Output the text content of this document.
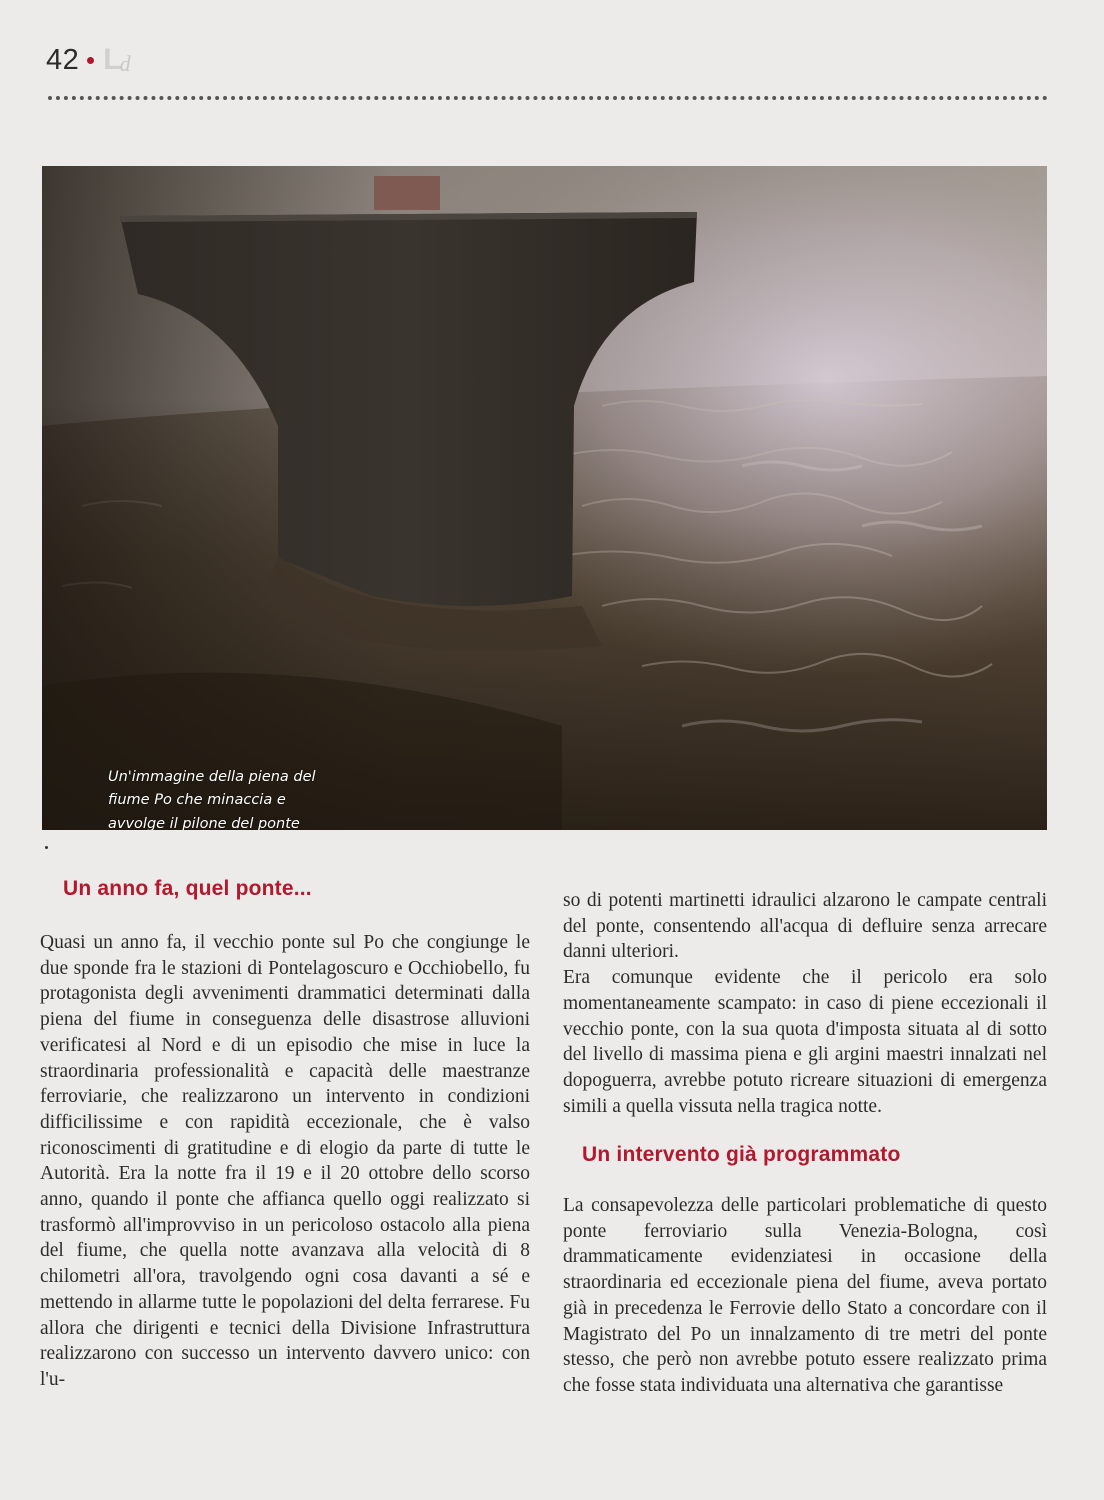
42 L
d
Un'immagine della piena del fiume Po che minaccia e avvolge il pilone del ponte
Un anno fa, quel ponte...

Quasi un anno fa, il vecchio ponte sul Po che congiunge le due sponde fra le stazioni di Pontelagoscuro e Occhiobello, fu protagonista degli avvenimenti drammatici determinati dalla piena del fiume in conseguenza delle disastrose alluvioni verificatesi al Nord e di un episodio che mise in luce la straordinaria professionalità e capacità delle maestranze ferroviarie, che realizzarono un intervento in condizioni difficilissime e con rapidità eccezionale, che è valso riconoscimenti di gratitudine e di elogio da parte di tutte le Autorità. Era la notte fra il 19 e il 20 ottobre dello scorso anno, quando il ponte che affianca quello oggi realizzato si trasformò all'improvviso in un pericoloso ostacolo alla piena del fiume, che quella notte avanzava alla velocità di 8 chilometri all'ora, travolgendo ogni cosa davanti a sé e mettendo in allarme tutte le popolazioni del delta ferrarese. Fu allora che dirigenti e tecnici della Divisione Infrastruttura realizzarono con successo un intervento davvero unico: con l'u-

so di potenti martinetti idraulici alzarono le campate centrali del ponte, consentendo all'acqua di defluire senza arrecare danni ulteriori.

Era comunque evidente che il pericolo era solo momentaneamente scampato: in caso di piene eccezionali il vecchio ponte, con la sua quota d'imposta situata al di sotto del livello di massima piena e gli argini maestri innalzati nel dopoguerra, avrebbe potuto ricreare situazioni di emergenza simili a quella vissuta nella tragica notte.

Un intervento già programmato

La consapevolezza delle particolari problematiche di questo ponte ferroviario sulla Venezia-Bologna, così drammaticamente evidenziatesi in occasione della straordinaria ed eccezionale piena del fiume, aveva portato già in precedenza le Ferrovie dello Stato a concordare con il Magistrato del Po un innalzamento di tre metri del ponte stesso, che però non avrebbe potuto essere realizzato prima che fosse stata individuata una alternativa che garantisse
